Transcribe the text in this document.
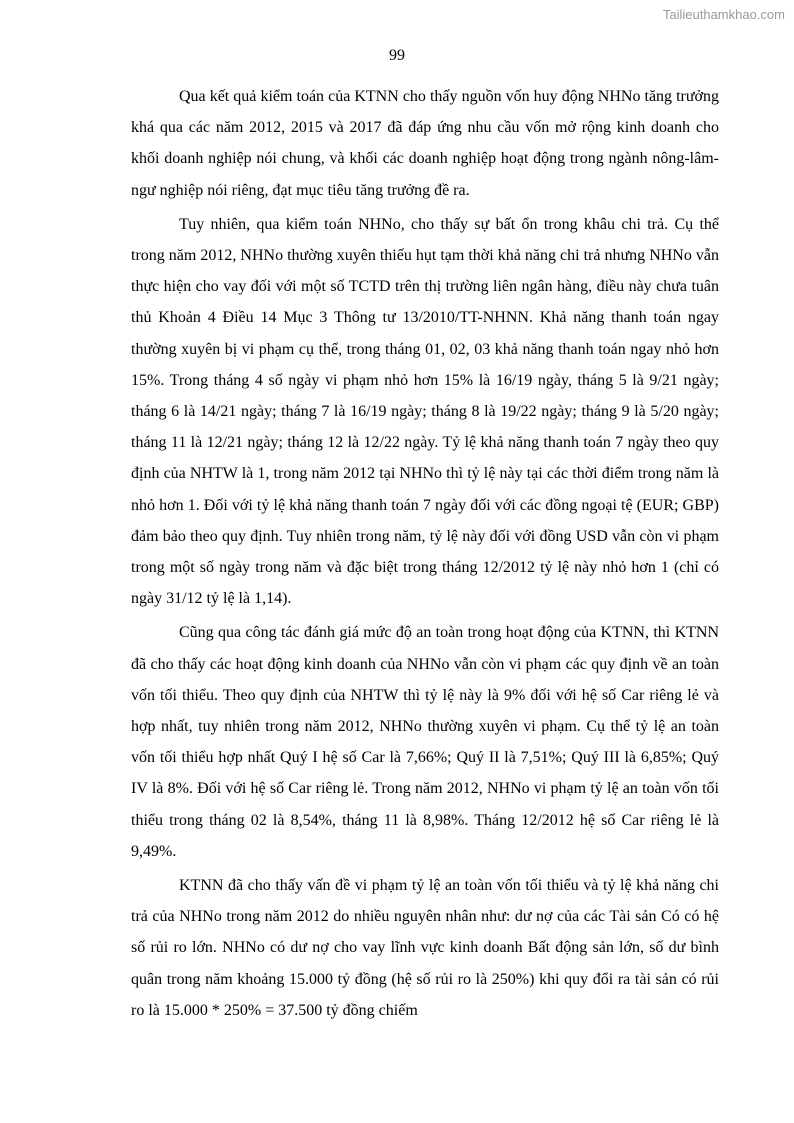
Tailieuthamkhao.com
99

Qua kết quả kiểm toán của KTNN cho thấy nguồn vốn huy động NHNo tăng trưởng khá qua các năm 2012, 2015 và 2017 đã đáp ứng nhu cầu vốn mở rộng kinh doanh cho khối doanh nghiệp nói chung, và khối các doanh nghiệp hoạt động trong ngành nông-lâm-ngư nghiệp nói riêng, đạt mục tiêu tăng trưởng đề ra.

Tuy nhiên, qua kiểm toán NHNo, cho thấy sự bất ổn trong khâu chi trả. Cụ thể trong năm 2012, NHNo thường xuyên thiếu hụt tạm thời khả năng chi trả nhưng NHNo vẫn thực hiện cho vay đối với một số TCTD trên thị trường liên ngân hàng, điều này chưa tuân thủ Khoản 4 Điều 14 Mục 3 Thông tư 13/2010/TT-NHNN. Khả năng thanh toán ngay thường xuyên bị vi phạm cụ thể, trong tháng 01, 02, 03 khả năng thanh toán ngay nhỏ hơn 15%. Trong tháng 4 số ngày vi phạm nhỏ hơn 15% là 16/19 ngày, tháng 5 là 9/21 ngày; tháng 6 là 14/21 ngày; tháng 7 là 16/19 ngày; tháng 8 là 19/22 ngày; tháng 9 là 5/20 ngày; tháng 11 là 12/21 ngày; tháng 12 là 12/22 ngày. Tỷ lệ khả năng thanh toán 7 ngày theo quy định của NHTW là 1, trong năm 2012 tại NHNo thì tỷ lệ này tại các thời điểm trong năm là nhỏ hơn 1. Đối với tỷ lệ khả năng thanh toán 7 ngày đối với các đồng ngoại tệ (EUR; GBP) đảm bảo theo quy định. Tuy nhiên trong năm, tỷ lệ này đối với đồng USD vẫn còn vi phạm trong một số ngày trong năm và đặc biệt trong tháng 12/2012 tỷ lệ này nhỏ hơn 1 (chỉ có ngày 31/12 tỷ lệ là 1,14).

Cũng qua công tác đánh giá mức độ an toàn trong hoạt động của KTNN, thì KTNN đã cho thấy các hoạt động kinh doanh của NHNo vẫn còn vi phạm các quy định về an toàn vốn tối thiểu. Theo quy định của NHTW thì tỷ lệ này là 9% đối với hệ số Car riêng lẻ và hợp nhất, tuy nhiên trong năm 2012, NHNo thường xuyên vi phạm. Cụ thể tỷ lệ an toàn vốn tối thiểu hợp nhất Quý I hệ số Car là 7,66%; Quý II là 7,51%; Quý III là 6,85%; Quý IV là 8%. Đối với hệ số Car riêng lẻ. Trong năm 2012, NHNo vi phạm tỷ lệ an toàn vốn tối thiểu trong tháng 02 là 8,54%, tháng 11 là 8,98%. Tháng 12/2012 hệ số Car riêng lẻ là 9,49%.

KTNN đã cho thấy vấn đề vi phạm tỷ lệ an toàn vốn tối thiểu và tỷ lệ khả năng chi trả của NHNo trong năm 2012 do nhiều nguyên nhân như: dư nợ của các Tài sản Có có hệ số rủi ro lớn. NHNo có dư nợ cho vay lĩnh vực kinh doanh Bất động sản lớn, số dư bình quân trong năm khoảng 15.000 tỷ đồng (hệ số rủi ro là 250%) khi quy đổi ra tài sản có rủi ro là 15.000 * 250% = 37.500 tỷ đồng chiếm
